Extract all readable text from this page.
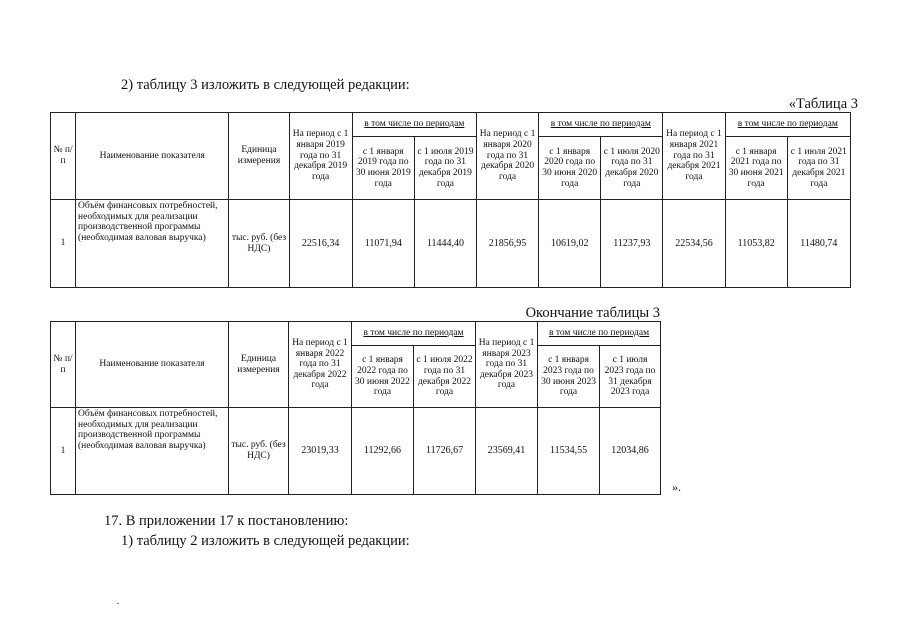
2) таблицу 3 изложить в следующей редакции:
«Таблица 3
№ п/п	Наименование показателя	Единица измерения	На период с 1 января 2019 года по 31 декабря 2019 года	в том числе по периодам		На период с 1 января 2020 года по 31 декабря 2020 года	в том числе по периодам		На период с 1 января 2021 года по 31 декабря 2021 года	в том числе по периодам	
				с 1 января 2019 года по 30 июня 2019 года	с 1 июля 2019 года по 31 декабря 2019 года		с 1 января 2020 года по 30 июня 2020 года	с 1 июля 2020 года по 31 декабря 2020 года		с 1 января 2021 года по 30 июня 2021 года	с 1 июля 2021 года по 31 декабря 2021 года
1	Объём финансовых потребностей, необходимых для реализации производственной программы (необходимая валовая выручка)	тыс. руб. (без НДС)	22516,34	11071,94	11444,40	21856,95	10619,02	11237,93	22534,56	11053,82	11480,74
Окончание таблицы 3
№ п/п	Наименование показателя	Единица измерения	На период с 1 января 2022 года по 31 декабря 2022 года	в том числе по периодам		На период с 1 января 2023 года по 31 декабря 2023 года	в том числе по периодам	
				с 1 января 2022 года по 30 июня 2022 года	с 1 июля 2022 года по 31 декабря 2022 года		с 1 января 2023 года по 30 июня 2023 года	с 1 июля 2023 года по 31 декабря 2023 года
1	Объём финансовых потребностей, необходимых для реализации производственной программы (необходимая валовая выручка)	тыс. руб. (без НДС)	23019,33	11292,66	11726,67	23569,41	11534,55	12034,86
».
17. В приложении 17 к постановлению:
1) таблицу 2 изложить в следующей редакции:
